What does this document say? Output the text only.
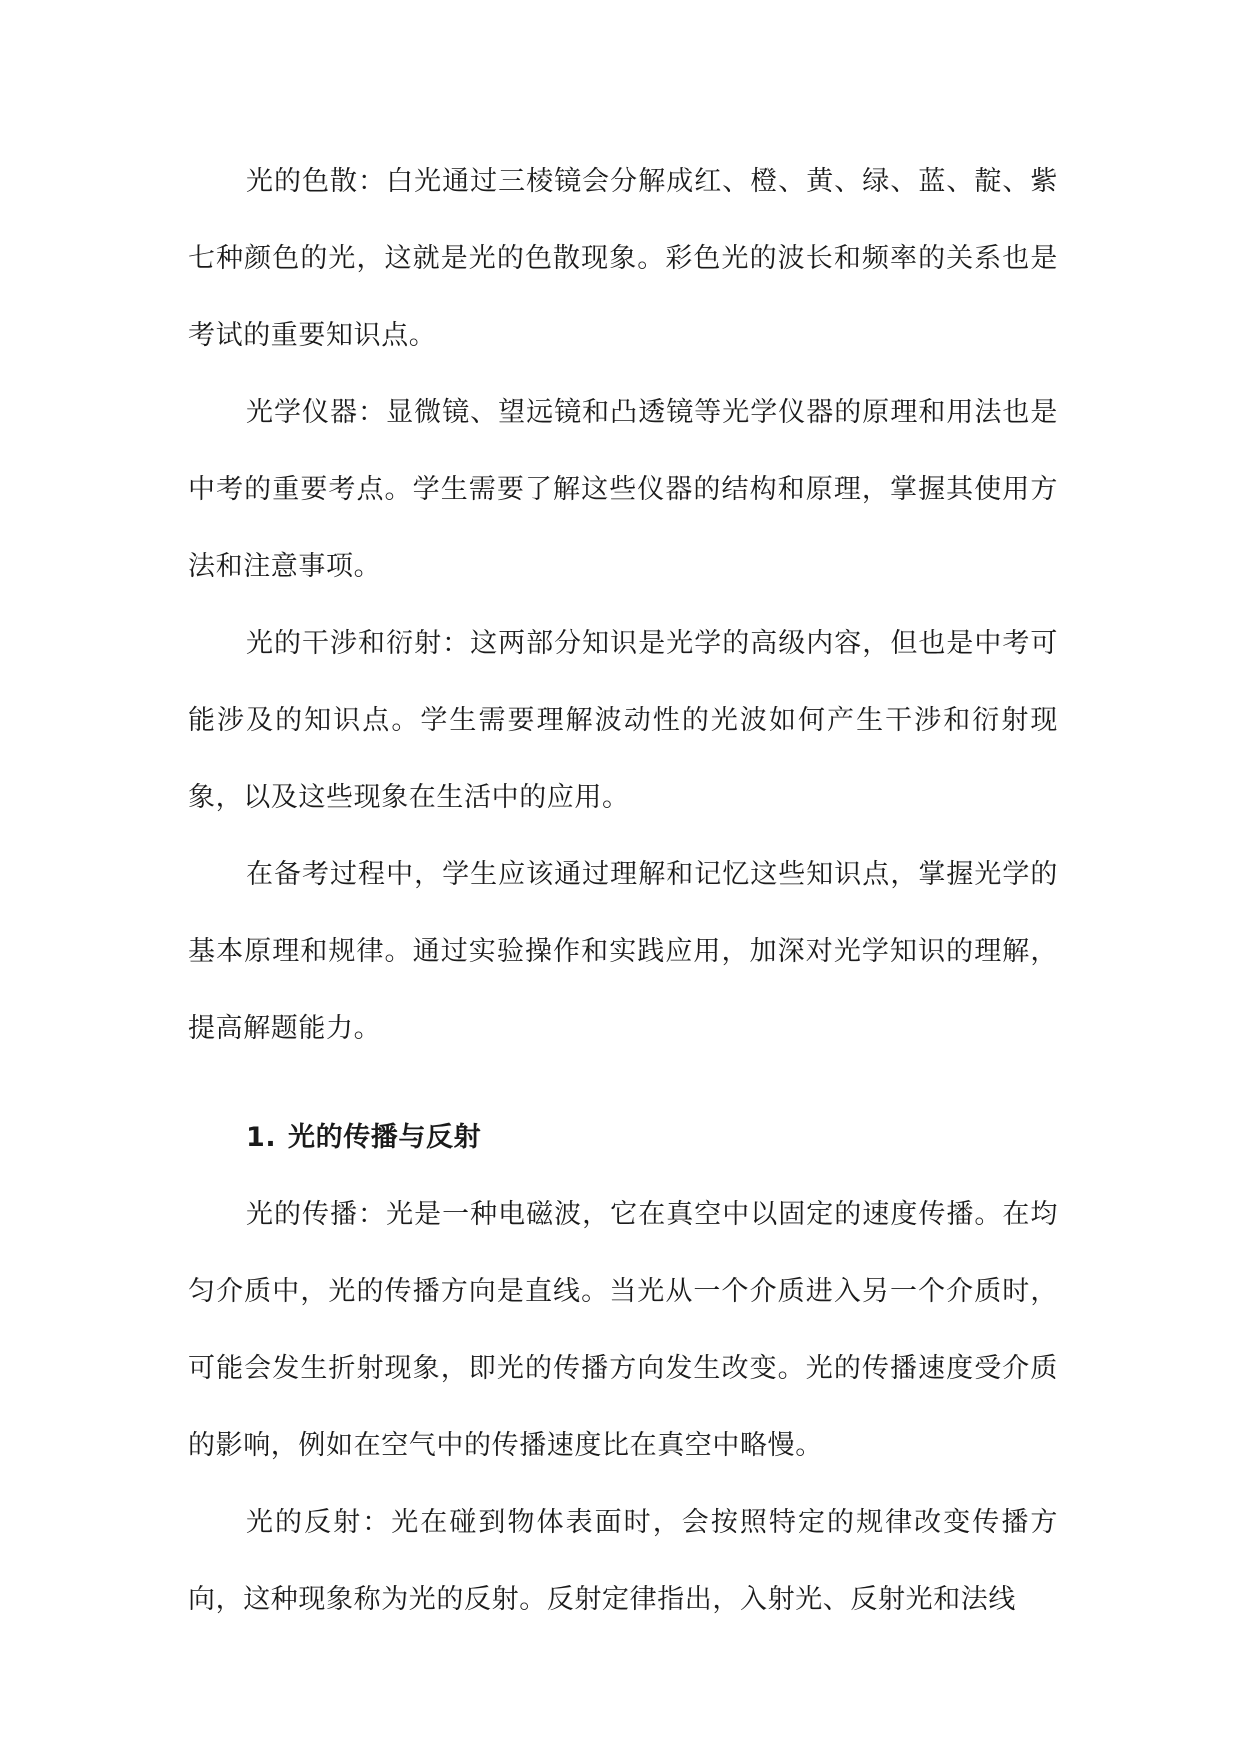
光的色散：白光通过三棱镜会分解成红、橙、黄、绿、蓝、靛、紫七种颜色的光，这就是光的色散现象。彩色光的波长和频率的关系也是考试的重要知识点。

光学仪器：显微镜、望远镜和凸透镜等光学仪器的原理和用法也是中考的重要考点。学生需要了解这些仪器的结构和原理，掌握其使用方法和注意事项。

光的干涉和衍射：这两部分知识是光学的高级内容，但也是中考可能涉及的知识点。学生需要理解波动性的光波如何产生干涉和衍射现象，以及这些现象在生活中的应用。

在备考过程中，学生应该通过理解和记忆这些知识点，掌握光学的基本原理和规律。通过实验操作和实践应用，加深对光学知识的理解，提高解题能力。

1. 光的传播与反射

光的传播：光是一种电磁波，它在真空中以固定的速度传播。在均匀介质中，光的传播方向是直线。当光从一个介质进入另一个介质时，可能会发生折射现象，即光的传播方向发生改变。光的传播速度受介质的影响，例如在空气中的传播速度比在真空中略慢。

光的反射：光在碰到物体表面时，会按照特定的规律改变传播方向，这种现象称为光的反射。反射定律指出，入射光、反射光和法线
